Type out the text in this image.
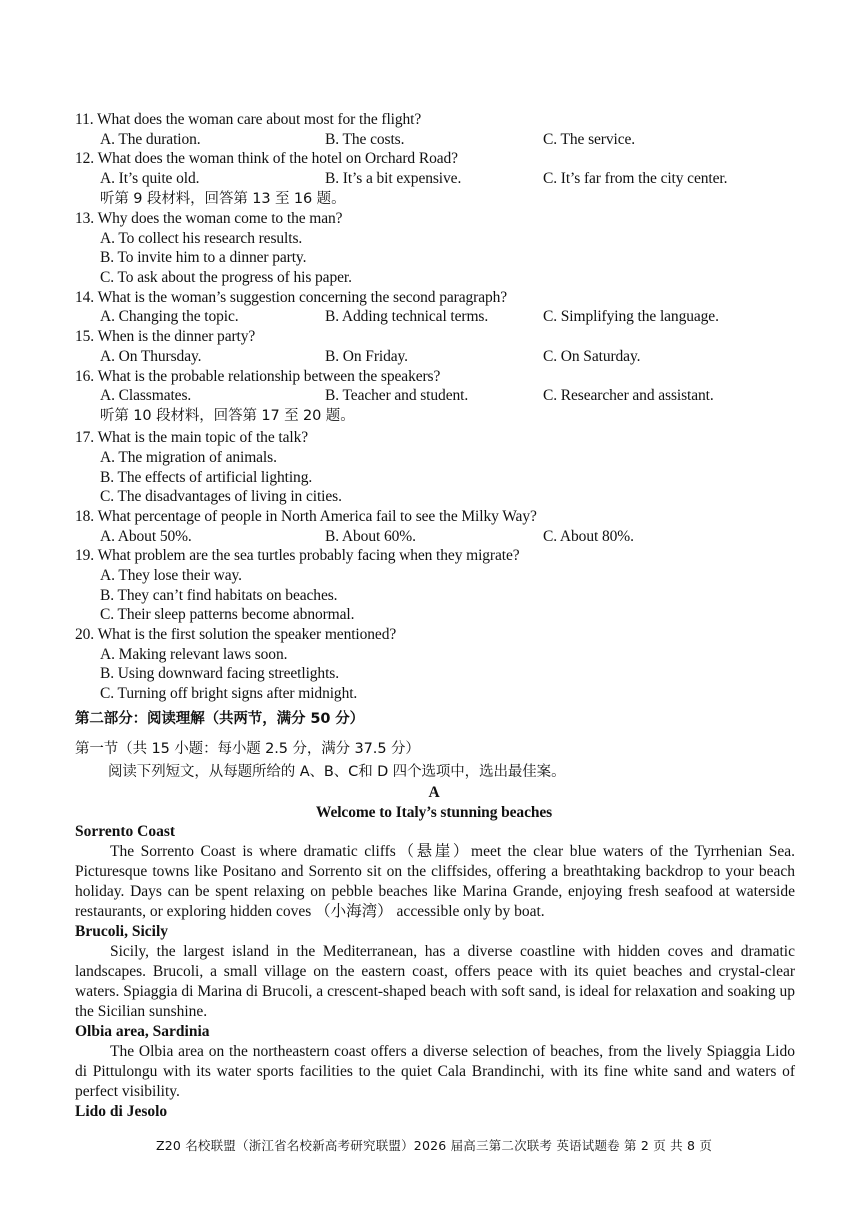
11. What does the woman care about most for the flight?
A. The duration.	B. The costs.	C. The service.
12. What does the woman think of the hotel on Orchard Road?
A. It’s quite old.	B. It’s a bit expensive.	C. It’s far from the city center.
听第 9 段材料，回答第 13 至 16 题。
13. Why does the woman come to the man?
A. To collect his research results.
B. To invite him to a dinner party.
C. To ask about the progress of his paper.
14. What is the woman’s suggestion concerning the second paragraph?
A. Changing the topic.	B. Adding technical terms.	C. Simplifying the language.
15. When is the dinner party?
A. On Thursday.	B. On Friday.	C. On Saturday.
16. What is the probable relationship between the speakers?
A. Classmates.	B. Teacher and student.	C. Researcher and assistant.
听第 10 段材料，回答第 17 至 20 题。
17. What is the main topic of the talk?
A. The migration of animals.
B. The effects of artificial lighting.
C. The disadvantages of living in cities.
18. What percentage of people in North America fail to see the Milky Way?
A. About 50%.	B. About 60%.	C. About 80%.
19. What problem are the sea turtles probably facing when they migrate?
A. They lose their way.
B. They can’t find habitats on beaches.
C. Their sleep patterns become abnormal.
20. What is the first solution the speaker mentioned?
A. Making relevant laws soon.
B. Using downward facing streetlights.
C. Turning off bright signs after midnight.
第二部分：阅读理解（共两节，满分 50 分）
第一节（共 15 小题：每小题 2.5 分，满分 37.5 分）
阅读下列短文，从每题所给的 A、B、C和 D 四个选项中，选出最佳案。
A
Welcome to Italy’s stunning beaches
Sorrento Coast

The Sorrento Coast is where dramatic cliffs（悬崖）meet the clear blue waters of the Tyrrhenian Sea. Picturesque towns like Positano and Sorrento sit on the cliffsides, offering a breathtaking backdrop to your beach holiday. Days can be spent relaxing on pebble beaches like Marina Grande, enjoying fresh seafood at waterside restaurants, or exploring hidden coves （小海湾） accessible only by boat.

Brucoli, Sicily

Sicily, the largest island in the Mediterranean, has a diverse coastline with hidden coves and dramatic landscapes. Brucoli, a small village on the eastern coast, offers peace with its quiet beaches and crystal-clear waters. Spiaggia di Marina di Brucoli, a crescent-shaped beach with soft sand, is ideal for relaxation and soaking up the Sicilian sunshine.

Olbia area, Sardinia

The Olbia area on the northeastern coast offers a diverse selection of beaches, from the lively Spiaggia Lido di Pittulongu with its water sports facilities to the quiet Cala Brandinchi, with its fine white sand and waters of perfect visibility.

Lido di Jesolo
Z20 名校联盟（浙江省名校新高考研究联盟）2026 届高三第二次联考 英语试题卷 第 2 页 共 8 页
